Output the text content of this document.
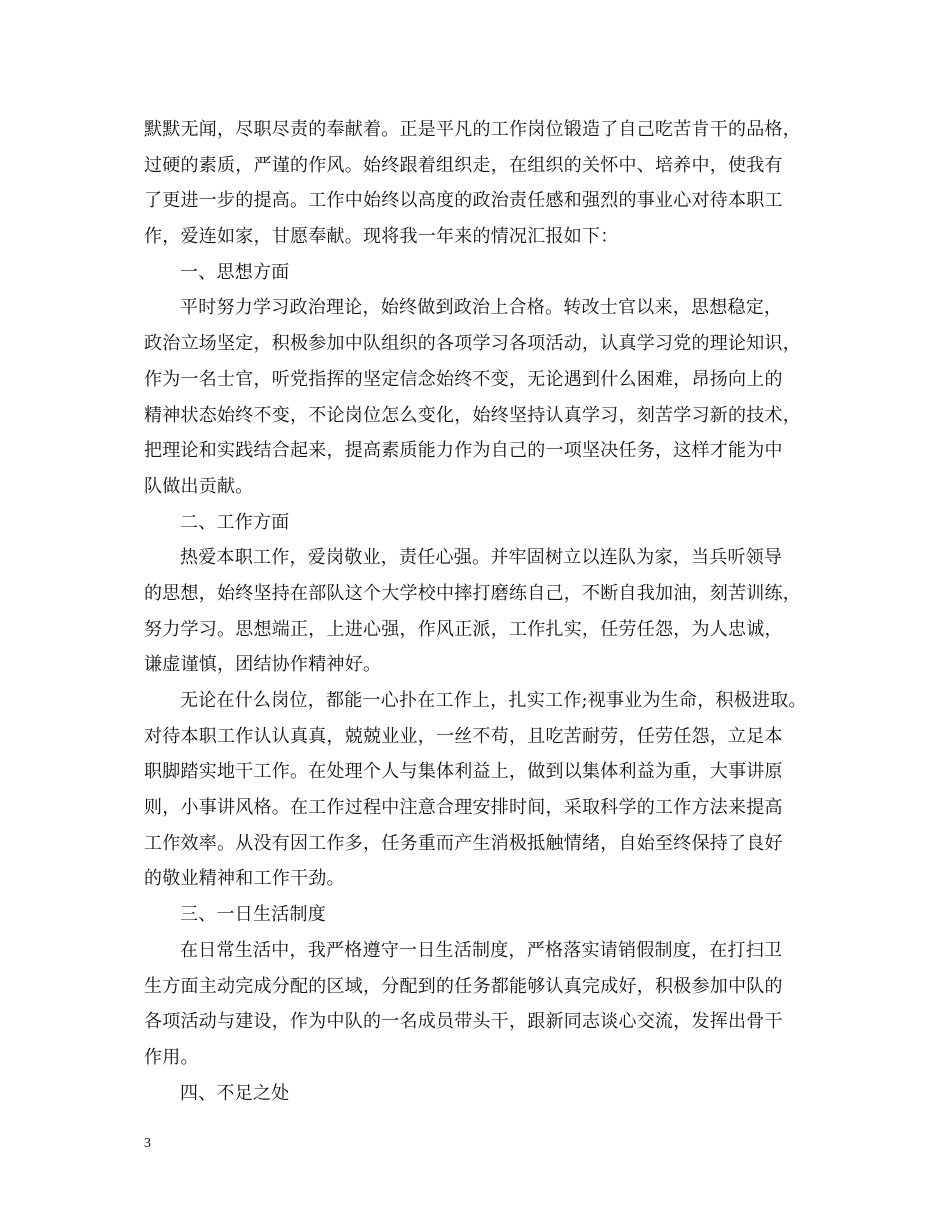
默默无闻，尽职尽责的奉献着。正是平凡的工作岗位锻造了自己吃苦肯干的品格，
过硬的素质，严谨的作风。始终跟着组织走，在组织的关怀中、培养中，使我有
了更进一步的提高。工作中始终以高度的政治责任感和强烈的事业心对待本职工
作，爱连如家，甘愿奉献。现将我一年来的情况汇报如下：
一、思想方面
平时努力学习政治理论，始终做到政治上合格。转改士官以来，思想稳定，
政治立场坚定，积极参加中队组织的各项学习各项活动，认真学习党的理论知识，
作为一名士官，听党指挥的坚定信念始终不变，无论遇到什么困难，昂扬向上的
精神状态始终不变，不论岗位怎么变化，始终坚持认真学习，刻苦学习新的技术，
把理论和实践结合起来，提高素质能力作为自己的一项坚决任务，这样才能为中
队做出贡献。
二、工作方面
热爱本职工作，爱岗敬业，责任心强。并牢固树立以连队为家，当兵听领导
的思想，始终坚持在部队这个大学校中摔打磨练自己，不断自我加油，刻苦训练，
努力学习。思想端正，上进心强，作风正派，工作扎实，任劳任怨，为人忠诚，
谦虚谨慎，团结协作精神好。
无论在什么岗位，都能一心扑在工作上，扎实工作;视事业为生命，积极进取。
对待本职工作认认真真，兢兢业业，一丝不苟，且吃苦耐劳，任劳任怨，立足本
职脚踏实地干工作。在处理个人与集体利益上，做到以集体利益为重，大事讲原
则，小事讲风格。在工作过程中注意合理安排时间，采取科学的工作方法来提高
工作效率。从没有因工作多，任务重而产生消极抵触情绪，自始至终保持了良好
的敬业精神和工作干劲。
三、一日生活制度
在日常生活中，我严格遵守一日生活制度，严格落实请销假制度，在打扫卫
生方面主动完成分配的区域，分配到的任务都能够认真完成好，积极参加中队的
各项活动与建设，作为中队的一名成员带头干，跟新同志谈心交流，发挥出骨干
作用。
四、不足之处
3
